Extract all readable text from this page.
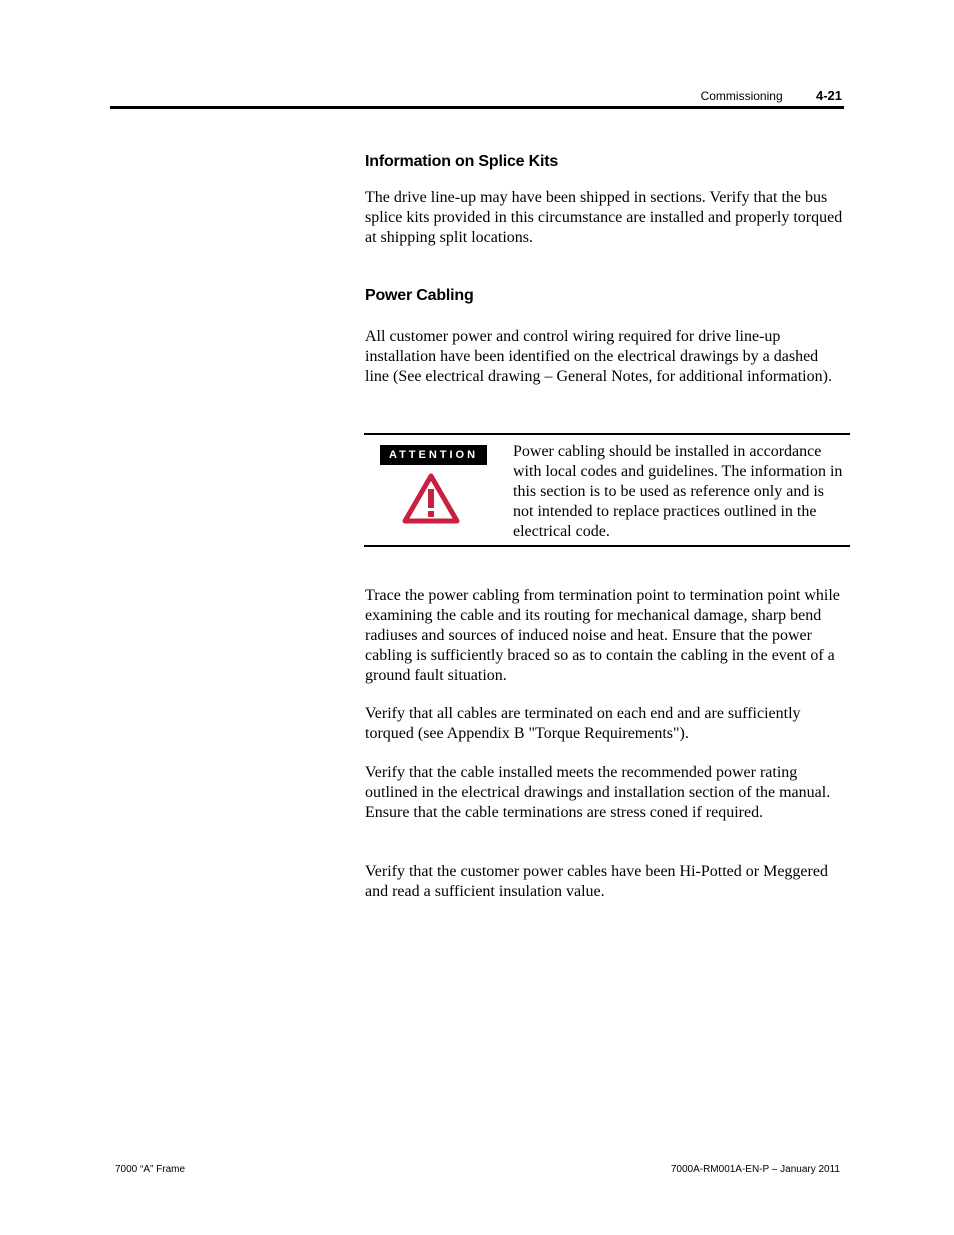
Commissioning	4-21
Information on Splice Kits

The drive line-up may have been shipped in sections. Verify that the bus splice kits provided in this circumstance are installed and properly torqued at shipping split locations.

Power Cabling

All customer power and control wiring required for drive line-up installation have been identified on the electrical drawings by a dashed line (See electrical drawing – General Notes, for additional information).

ATTENTION	Power cabling should be installed in accordance with local codes and guidelines. The information in this section is to be used as reference only and is not intended to replace practices outlined in the electrical code.

Trace the power cabling from termination point to termination point while examining the cable and its routing for mechanical damage, sharp bend radiuses and sources of induced noise and heat. Ensure that the power cabling is sufficiently braced so as to contain the cabling in the event of a ground fault situation.

Verify that all cables are terminated on each end and are sufficiently torqued (see Appendix B "Torque Requirements").

Verify that the cable installed meets the recommended power rating outlined in the electrical drawings and installation section of the manual. Ensure that the cable terminations are stress coned if required.

Verify that the customer power cables have been Hi-Potted or Meggered and read a sufficient insulation value.

7000 “A” Frame	7000A-RM001A-EN-P – January 2011
